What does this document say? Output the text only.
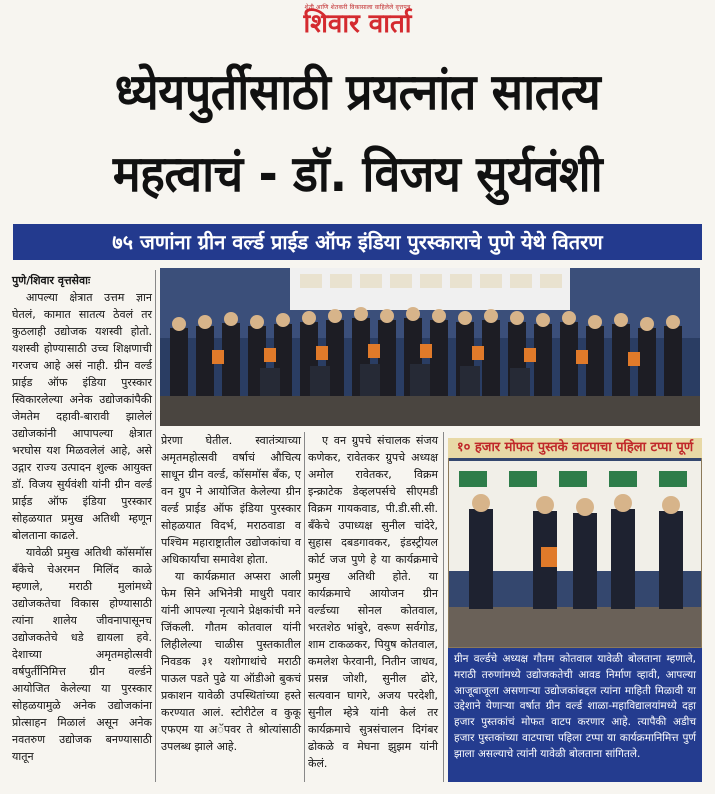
शेती आणि शेतकरी विकासाला वाहिलेले वृत्तपत्र
शिवार वार्ता
ध्येयपुर्तीसाठी प्रयत्नांत सातत्य
महत्वाचं - डॉ. विजय सुर्यवंशी
७५ जणांना ग्रीन वर्ल्ड प्राईड ऑफ इंडिया पुरस्काराचे पुणे येथे वितरण

पुणे/शिवार वृत्तसेवाः

आपल्या क्षेत्रात उत्तम ज्ञान घेतलं, कामात सातत्य ठेवलं तर कुठलाही उद्योजक यशस्वी होतो. यशस्वी होण्यासाठी उच्च शिक्षणाची गरजच आहे असं नाही. ग्रीन वर्ल्ड प्राईड ऑफ इंडिया पुरस्कार स्विकारलेल्या अनेक उद्योजकांपैकी जेमतेम दहावी-बारावी झालेलं उद्योजकांनी आपापल्या क्षेत्रात भरघोस यश मिळवलेलं आहे, असे उद्गार राज्य उत्पादन शुल्क आयुक्त डॉ. विजय सुर्यवंशी यांनी ग्रीन वर्ल्ड प्राईड ऑफ इंडिया पुरस्कार सोहळयात प्रमुख अतिथी म्हणून बोलताना काढले.

यावेळी प्रमुख अतिथी कॉसमॉस बँकेचे चेअरमन मिलिंद काळे म्हणाले, मराठी मुलांमध्ये उद्योजकतेचा विकास होण्यासाठी त्यांना शालेय जीवनापासूनच उद्योजकतेचे धडे द्यायला हवे. देशाच्या अमृतमहोत्सवी वर्षपुर्तीनिमित्त ग्रीन वर्ल्डने आयोजित केलेल्या या पुरस्कार सोहळयामुळे अनेक उद्योजकांना प्रोत्साहन मिळालं असून अनेक नवतरुण उद्योजक बनण्यासाठी यातून

प्रेरणा घेतील. स्वातंत्र्याच्या अमृतमहोत्सवी वर्षाचं औचित्य साधून ग्रीन वर्ल्ड, कॉसमॉस बँक, ए वन ग्रुप ने आयोजित केलेल्या ग्रीन वर्ल्ड प्राईड ऑफ इंडिया पुरस्कार सोहळयात विदर्भ, मराठवाडा व पश्चिम महाराष्ट्रातील उद्योजकांचा व अधिकार्यांचा समावेश होता.

या कार्यक्रमात अप्सरा आली फेम सिने अभिनेत्री माधुरी पवार यांनी आपल्या नृत्याने प्रेक्षकांची मने जिंकली. गौतम कोतवाल यांनी लिहीलेल्या चाळीस पुस्तकातील निवडक ३१ यशोगाथांचे मराठी पाऊल पडते पुढे या ऑडीओ बुकचं प्रकाशन यावेळी उपस्थितांच्या हस्ते करण्यात आलं. स्टोरीटेल व कुकू एफएम या अॅपवर ते श्रोत्यांसाठी उपलब्ध झाले आहे.

ए वन ग्रुपचे संचालक संजय कणेकर, रावेतकर ग्रुपचे अध्यक्ष अमोल रावेतकर, विक्रम इन्क्राटेक डेव्हलपर्सचे सीएमडी विक्रम गायकवाड, पी.डी.सी.सी. बँकेचे उपाध्यक्ष सुनील चांदेरे, सुहास दबडगावकर, इंडस्ट्रीयल कोर्ट जज पुणे हे या कार्यक्रमाचे प्रमुख अतिथी होते. या कार्यक्रमाचे आयोजन ग्रीन वर्ल्डच्या सोनल कोतवाल, भरतशेठ भांबुरे, वरूण सर्वगोड, शाम टाकळकर, पियुष कोतवाल, कमलेश फेरवानी, नितीन जाधव, प्रसन्न जोशी, सुनील ढोरे, सत्यवान घागरे, अजय परदेशी, सुनील म्हेत्रे यांनी केलं तर कार्यक्रमाचे सुत्रसंचालन दिगंबर ढोकळे व मेघना झुझम यांनी केलं.

१० हजार मोफत पुस्तके वाटपाचा पहिला टप्पा पूर्ण
ग्रीन वर्ल्डचे अध्यक्ष गौतम कोतवाल यावेळी बोलताना म्हणाले, मराठी तरुणांमध्ये उद्योजकतेची आवड निर्माण व्हावी, आपल्या आजूबाजूला असणाऱ्या उद्योजकांबद्दल त्यांना माहिती मिळावी या उद्देशाने येणाऱ्या वर्षात ग्रीन वर्ल्ड शाळा-महाविद्यालयांमध्ये दहा हजार पुस्तकांचं मोफत वाटप करणार आहे. त्यापैकी अडीच हजार पुस्तकांच्या वाटपाचा पहिला टप्पा या कार्यक्रमानिमित्त पुर्ण झाला असल्याचे त्यांनी यावेळी बोलताना सांगितले.
